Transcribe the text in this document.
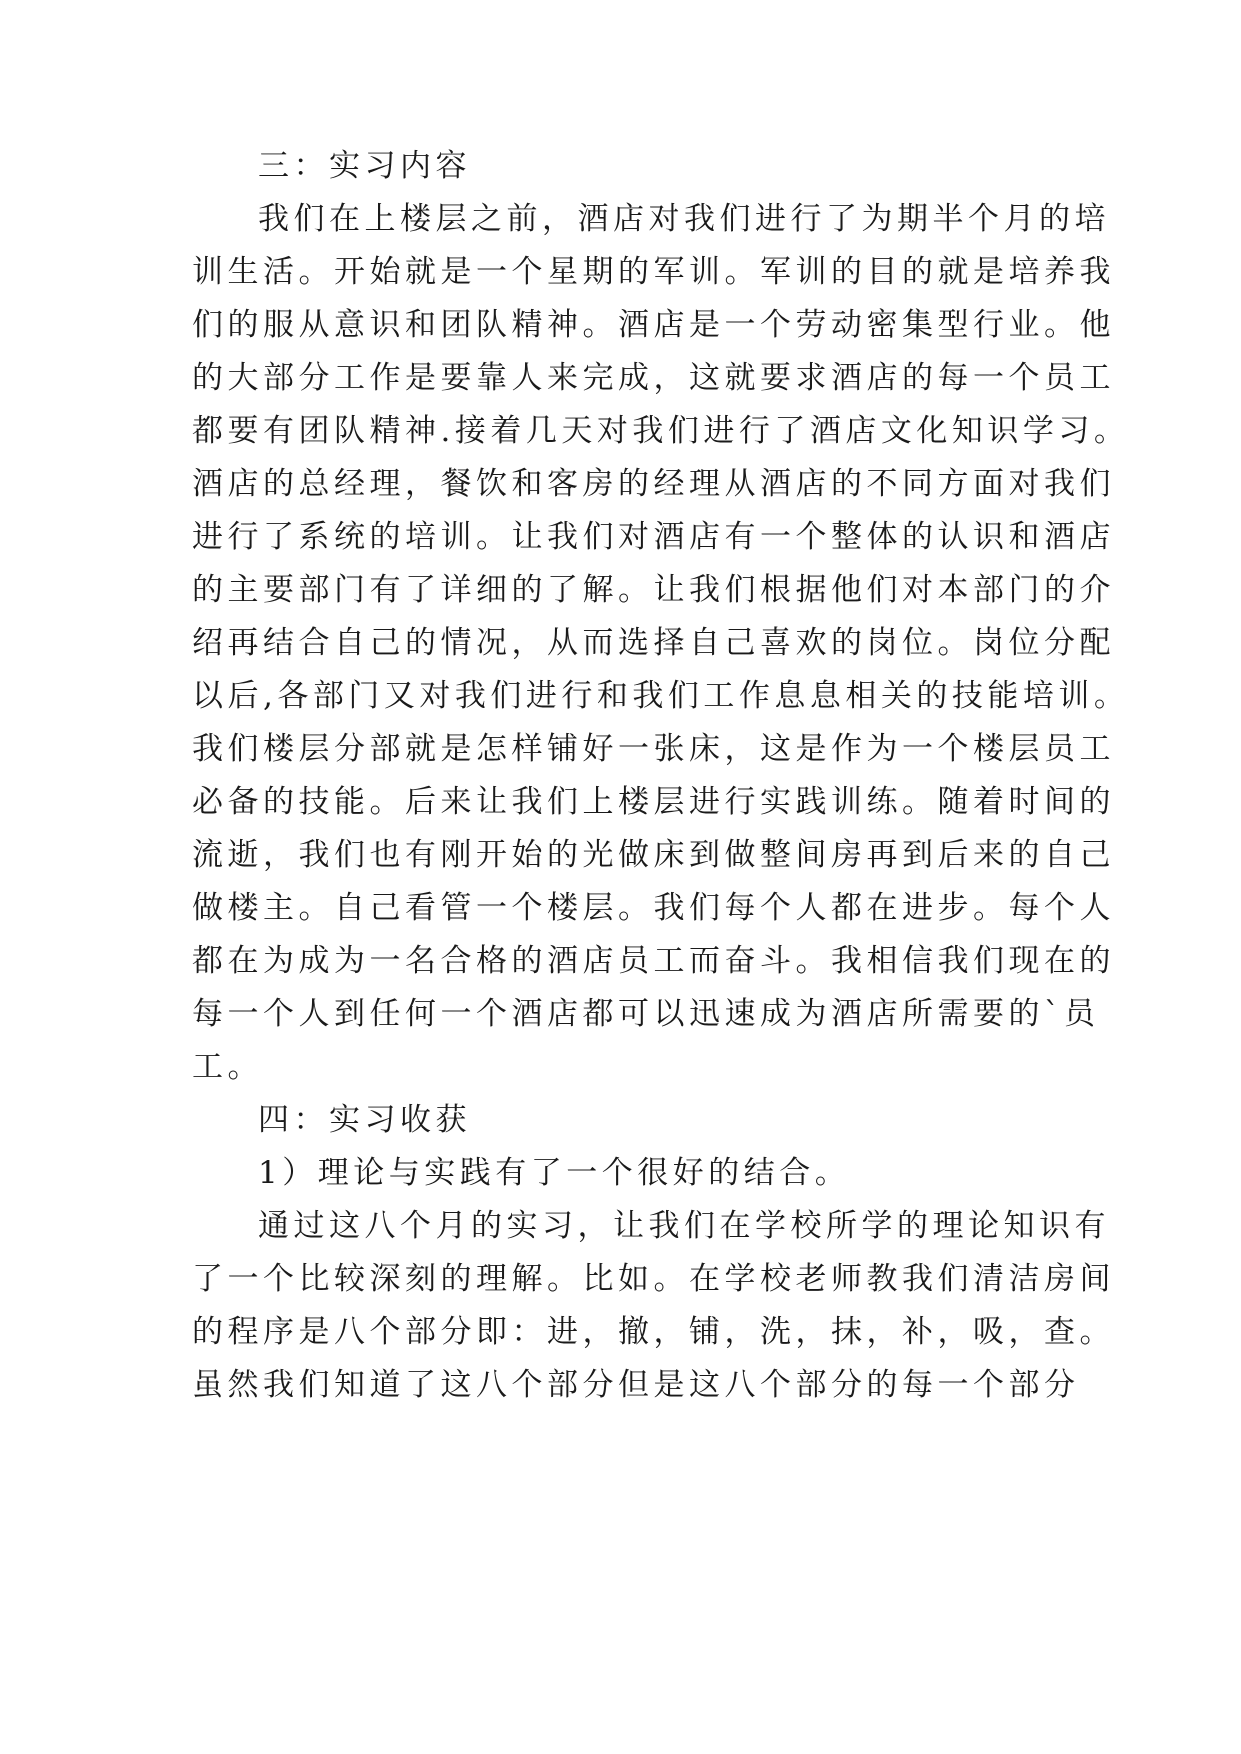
三：实习内容
我们在上楼层之前，酒店对我们进行了为期半个月的培
训生活。开始就是一个星期的军训。军训的目的就是培养我
们的服从意识和团队精神。酒店是一个劳动密集型行业。他
的大部分工作是要靠人来完成，这就要求酒店的每一个员工
都要有团队精神.接着几天对我们进行了酒店文化知识学习。
酒店的总经理，餐饮和客房的经理从酒店的不同方面对我们
进行了系统的培训。让我们对酒店有一个整体的认识和酒店
的主要部门有了详细的了解。让我们根据他们对本部门的介
绍再结合自己的情况，从而选择自己喜欢的岗位。岗位分配
以后,各部门又对我们进行和我们工作息息相关的技能培训。
我们楼层分部就是怎样铺好一张床，这是作为一个楼层员工
必备的技能。后来让我们上楼层进行实践训练。随着时间的
流逝，我们也有刚开始的光做床到做整间房再到后来的自己
做楼主。自己看管一个楼层。我们每个人都在进步。每个人
都在为成为一名合格的酒店员工而奋斗。我相信我们现在的
每一个人到任何一个酒店都可以迅速成为酒店所需要的`员
工。
四：实习收获
1）理论与实践有了一个很好的结合。
通过这八个月的实习，让我们在学校所学的理论知识有
了一个比较深刻的理解。比如。在学校老师教我们清洁房间
的程序是八个部分即：进，撤，铺，洗，抹，补，吸，查。
虽然我们知道了这八个部分但是这八个部分的每一个部分
